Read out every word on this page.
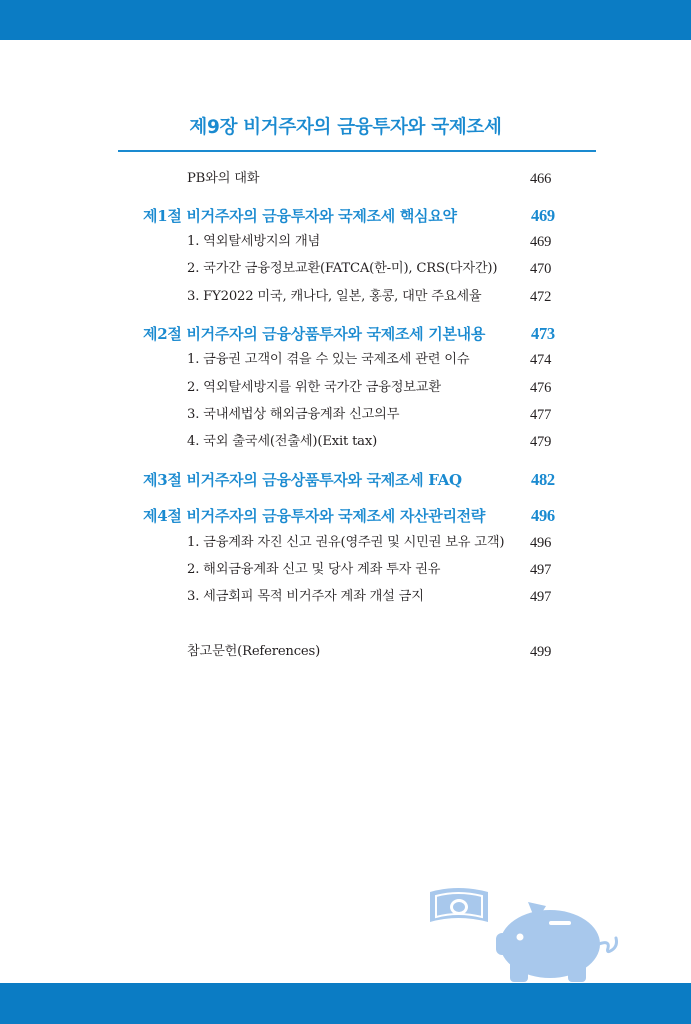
제9장 비거주자의 금융투자와 국제조세
PB와의 대화	466
제1절 비거주자의 금융투자와 국제조세 핵심요약	469
1. 역외탈세방지의 개념	469
2. 국가간 금융정보교환(FATCA(한-미), CRS(다자간)) 470
3. FY2022 미국, 캐나다, 일본, 홍콩, 대만 주요세율	472
제2절 비거주자의 금융상품투자와 국제조세 기본내용	473
1. 금융권 고객이 겪을 수 있는 국제조세 관련 이슈	474
2. 역외탈세방지를 위한 국가간 금융정보교환	476
3. 국내세법상 해외금융계좌 신고의무	477
4. 국외 출국세(전출세)(Exit tax)	479
제3절 비거주자의 금융상품투자와 국제조세 FAQ	482
제4절 비거주자의 금융투자와 국제조세 자산관리전략	496
1. 금융계좌 자진 신고 권유(영주권 및 시민권 보유 고객) 496
2. 해외금융계좌 신고 및 당사 계좌 투자 권유	497
3. 세금회피 목적 비거주자 계좌 개설 금지	497
참고문헌(References)	499
